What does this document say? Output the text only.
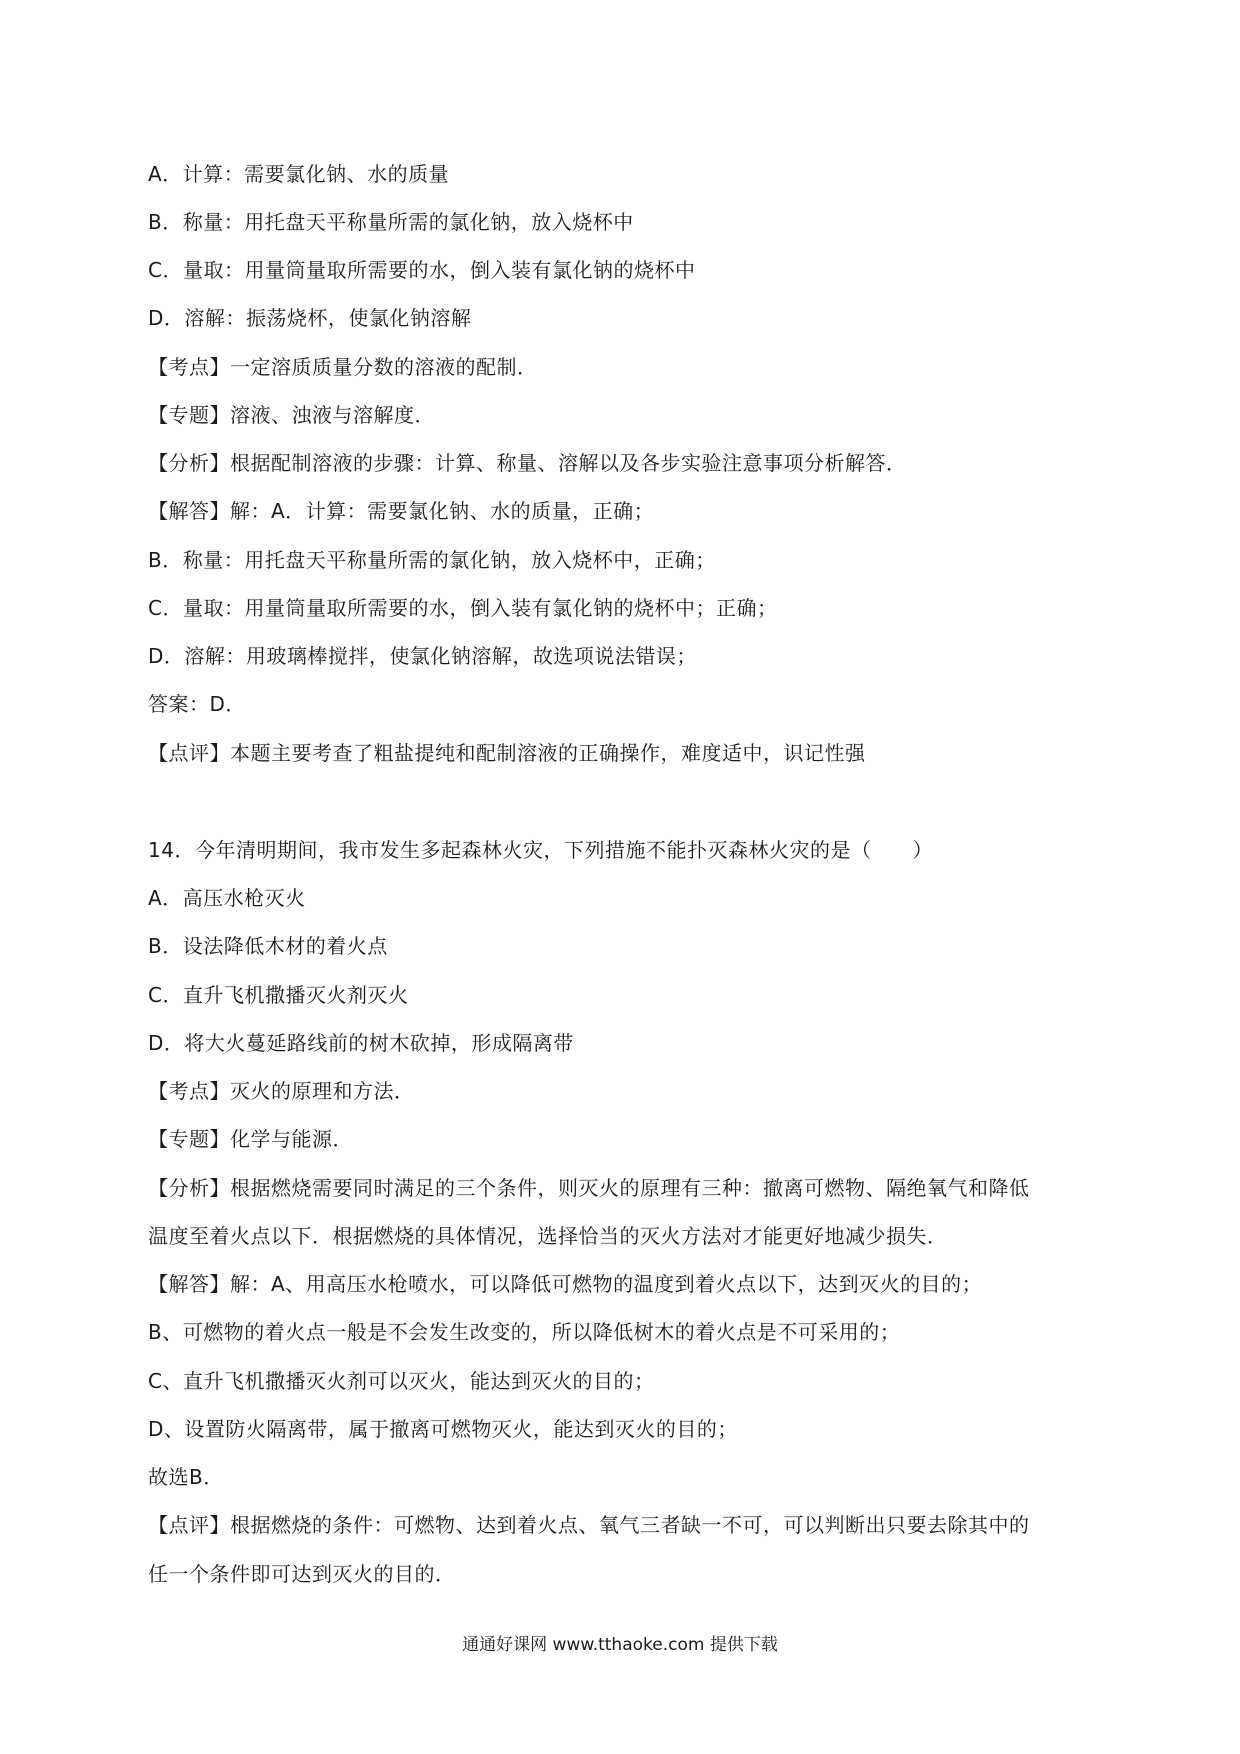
A．计算：需要氯化钠、水的质量
B．称量：用托盘天平称量所需的氯化钠，放入烧杯中
C．量取：用量筒量取所需要的水，倒入装有氯化钠的烧杯中
D．溶解：振荡烧杯，使氯化钠溶解
【考点】一定溶质质量分数的溶液的配制．
【专题】溶液、浊液与溶解度．
【分析】根据配制溶液的步骤：计算、称量、溶解以及各步实验注意事项分析解答．
【解答】解：A．计算：需要氯化钠、水的质量，正确；
B．称量：用托盘天平称量所需的氯化钠，放入烧杯中，正确；
C．量取：用量筒量取所需要的水，倒入装有氯化钠的烧杯中；正确；
D．溶解：用玻璃棒搅拌，使氯化钠溶解，故选项说法错误；
答案：D．
【点评】本题主要考查了粗盐提纯和配制溶液的正确操作，难度适中，识记性强
14．今年清明期间，我市发生多起森林火灾，下列措施不能扑灭森林火灾的是（　　）
A．高压水枪灭火
B．设法降低木材的着火点
C．直升飞机撒播灭火剂灭火
D．将大火蔓延路线前的树木砍掉，形成隔离带
【考点】灭火的原理和方法．
【专题】化学与能源．
【分析】根据燃烧需要同时满足的三个条件，则灭火的原理有三种：撤离可燃物、隔绝氧气和降低
温度至着火点以下．根据燃烧的具体情况，选择恰当的灭火方法对才能更好地减少损失．
【解答】解：A、用高压水枪喷水，可以降低可燃物的温度到着火点以下，达到灭火的目的；
B、可燃物的着火点一般是不会发生改变的，所以降低树木的着火点是不可采用的；
C、直升飞机撒播灭火剂可以灭火，能达到灭火的目的；
D、设置防火隔离带，属于撤离可燃物灭火，能达到灭火的目的；
故选B．
【点评】根据燃烧的条件：可燃物、达到着火点、氧气三者缺一不可，可以判断出只要去除其中的
任一个条件即可达到灭火的目的．
通通好课网 www.tthaoke.com 提供下载
